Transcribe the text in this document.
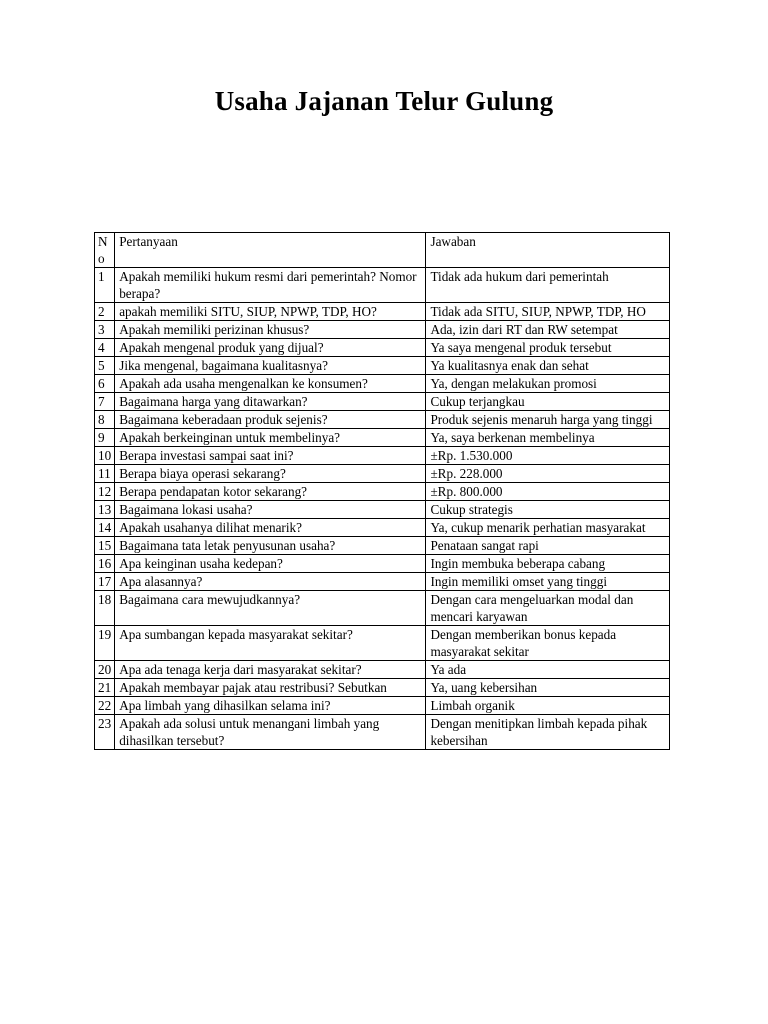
Usaha Jajanan Telur Gulung
No	Pertanyaan	Jawaban
1	Apakah memiliki hukum resmi dari pemerintah? Nomor berapa?	Tidak ada hukum dari pemerintah
2	apakah memiliki SITU, SIUP, NPWP, TDP, HO?	Tidak ada SITU, SIUP, NPWP, TDP, HO
3	Apakah memiliki perizinan khusus?	Ada, izin dari RT dan RW setempat
4	Apakah mengenal produk yang dijual?	Ya saya mengenal produk tersebut
5	Jika mengenal, bagaimana kualitasnya?	Ya kualitasnya enak dan sehat
6	Apakah ada usaha mengenalkan ke konsumen?	Ya, dengan melakukan promosi
7	Bagaimana harga yang ditawarkan?	Cukup terjangkau
8	Bagaimana keberadaan produk sejenis?	Produk sejenis menaruh harga yang tinggi
9	Apakah berkeinginan untuk membelinya?	Ya, saya berkenan membelinya
10	Berapa investasi sampai saat ini?	±Rp. 1.530.000
11	Berapa biaya operasi sekarang?	±Rp. 228.000
12	Berapa pendapatan kotor sekarang?	±Rp. 800.000
13	Bagaimana lokasi usaha?	Cukup strategis
14	Apakah usahanya dilihat menarik?	Ya, cukup menarik perhatian masyarakat
15	Bagaimana tata letak penyusunan usaha?	Penataan sangat rapi
16	Apa keinginan usaha kedepan?	Ingin membuka beberapa cabang
17	Apa alasannya?	Ingin memiliki omset yang tinggi
18	Bagaimana cara mewujudkannya?	Dengan cara mengeluarkan modal dan mencari karyawan
19	Apa sumbangan kepada masyarakat sekitar?	Dengan memberikan bonus kepada masyarakat sekitar
20	Apa ada tenaga kerja dari masyarakat sekitar?	Ya ada
21	Apakah membayar pajak atau restribusi? Sebutkan	Ya, uang kebersihan
22	Apa limbah yang dihasilkan selama ini?	Limbah organik
23	Apakah ada solusi untuk menangani limbah yang dihasilkan tersebut?	Dengan menitipkan limbah kepada pihak kebersihan
